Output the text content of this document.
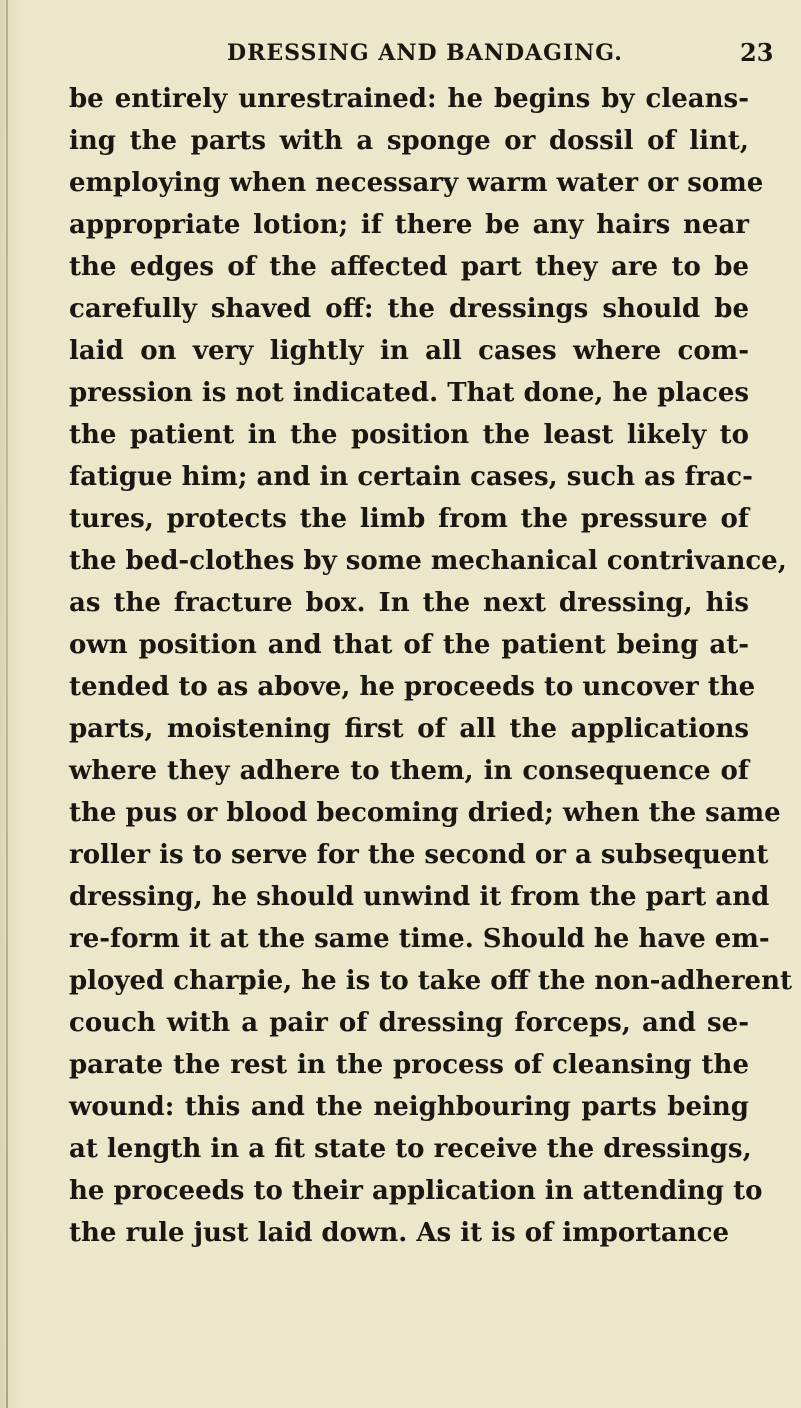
DRESSING AND BANDAGING.	23
be entirely unrestrained: he begins by cleans-
ing the parts with a sponge or dossil of lint,
employing when necessary warm water or some
appropriate lotion; if there be any hairs near
the edges of the affected part they are to be
carefully shaved off: the dressings should be
laid on very lightly in all cases where com-
pression is not indicated. That done, he places
the patient in the position the least likely to
fatigue him; and in certain cases, such as frac-
tures, protects the limb from the pressure of
the bed-clothes by some mechanical contrivance,
as the fracture box. In the next dressing, his
own position and that of the patient being at-
tended to as above, he proceeds to uncover the
parts, moistening first of all the applications
where they adhere to them, in consequence of
the pus or blood becoming dried; when the same
roller is to serve for the second or a subsequent
dressing, he should unwind it from the part and
re-form it at the same time. Should he have em-
ployed charpie, he is to take off the non-adherent
couch with a pair of dressing forceps, and se-
parate the rest in the process of cleansing the
wound: this and the neighbouring parts being
at length in a fit state to receive the dressings,
he proceeds to their application in attending to
the rule just laid down. As it is of importance
